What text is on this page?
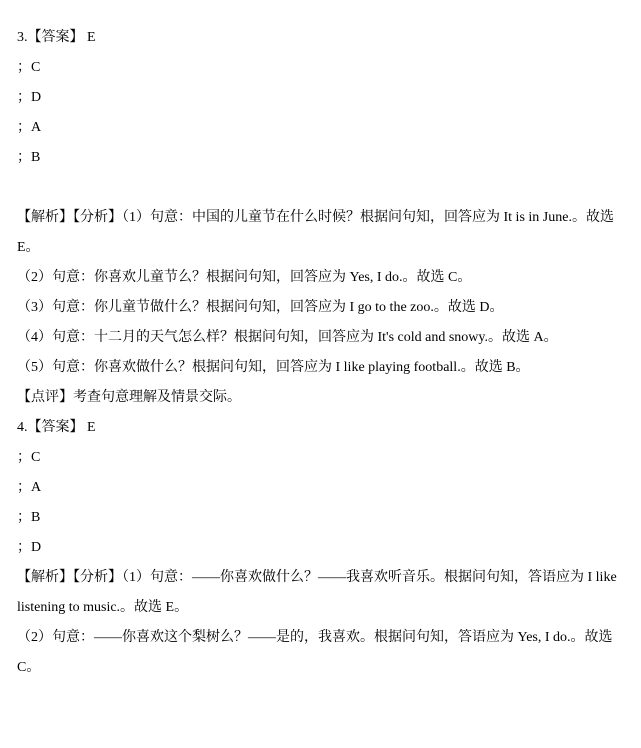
3.【答案】 E
；C
；D
；A
；B
【解析】【分析】（1）句意：中国的儿童节在什么时候？根据问句知，回答应为 It is in June.。故选
E。
（2）句意：你喜欢儿童节么？根据问句知，回答应为 Yes, I do.。故选 C。
（3）句意：你儿童节做什么？根据问句知，回答应为 I go to the zoo.。故选 D。
（4）句意：十二月的天气怎么样？根据问句知，回答应为 It's cold and snowy.。故选 A。
（5）句意：你喜欢做什么？根据问句知，回答应为 I like playing football.。故选 B。
【点评】考查句意理解及情景交际。
4.【答案】 E
；C
；A
；B
；D
【解析】【分析】（1）句意：——你喜欢做什么？——我喜欢听音乐。根据问句知，答语应为 I like
listening to music.。故选 E。
（2）句意：——你喜欢这个梨树么？——是的，我喜欢。根据问句知，答语应为 Yes, I do.。故选
C。
